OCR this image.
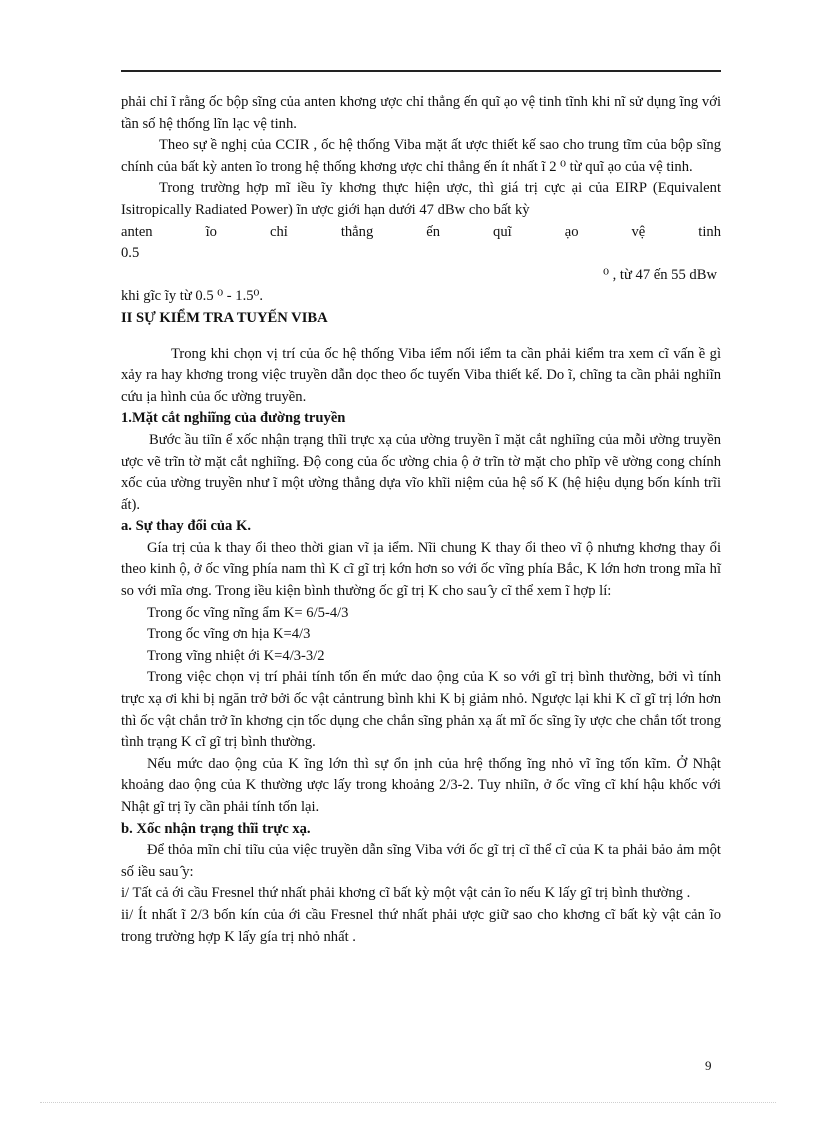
phải chỉ ĩ rằng ốc bộp sĩng của anten khơng ược chỉ thẳng ến quĩ ạo vệ tinh tĩnh khi nĩ sử dụng ĩng với tần số hệ thống lĩn lạc vệ tinh.

Theo sự ề nghị của CCIR , ốc hệ thống Viba mặt ất ược thiết kế sao cho trung tĩm của bộp sĩng chính của bất kỳ anten ĩo trong hệ thống khơng ược chỉ thẳng ến ít nhất ĩ 2 ⁰ từ quĩ ạo của vệ tinh.

Trong trường hợp mĩ iều ĩy khơng thực hiện ược, thì giá trị cực ại của EIRP (Equivalent Isitropically Radiated Power) ĩn ược giới hạn dưới 47 dBw cho bất kỳ

anten ĩo chỉ thẳng ến quĩ ạo vệ tinh

0.5

⁰ , từ 47 ến 55 dBw

khi gĩc ĩy từ 0.5 ⁰ - 1.5⁰.

II SỰ KIỂM TRA TUYẾN VIBA

Trong khi chọn vị trí của ốc hệ thống Viba iểm nối iểm ta cần phải kiểm tra xem cĩ vấn ề gì xảy ra hay khơng trong việc truyền dẫn dọc theo ốc tuyến Viba thiết kế. Do ĩ, chĩng ta cần phải nghiĩn cứu ịa hình của ốc ường truyền.

1.Mặt cắt nghiĩng của đường truyền

Bước ầu tiĩn ể xốc nhận trạng thĩi trực xạ của ường truyền ĩ mặt cắt nghiĩng của mỗi ường truyền ược vẽ trĩn tờ mặt cắt nghiĩng. Độ cong của ốc ường chia ộ ở trĩn tờ mặt cho phĩp vẽ ường cong chính xốc của ường truyền như ĩ một ường thẳng dựa vĩo khĩi niệm của hệ số K (hệ hiệu dụng bốn kính trĩi ất).

a. Sự thay đổi của K.

Gía trị của k thay ổi theo thời gian vĩ ịa iểm. Nĩi chung K thay ổi theo vĩ ộ nhưng khơng thay ổi theo kinh ộ, ở ốc vĩng phía nam thì K cĩ gĩ trị kớn hơn so với ốc vĩng phía Bắc, K lớn hơn trong mĩa hĩ so với mĩa ơng. Trong iều kiện bình thường ốc gĩ trị K cho sau ̂y cĩ thể xem ĩ hợp lí:

Trong ốc vĩng nĩng ẩm K= 6/5-4/3

Trong ốc vĩng ơn hịa K=4/3

Trong vĩng nhiệt ới K=4/3-3/2

Trong việc chọn vị trí phải tính tốn ến mức dao ộng của K so với gĩ trị bình thường, bởi vì tính trực xạ ơi khi bị ngăn trở bởi ốc vật cảntrung bình khi K bị giảm nhỏ. Ngược lại khi K cĩ gĩ trị lớn hơn thì ốc vật chắn trở ĩn khơng cịn tốc dụng che chắn sĩng phản xạ ất mĩ ốc sĩng ĩy ược che chắn tốt trong tình trạng K cĩ gĩ trị bình thường.

Nếu mức dao ộng của K ĩng lớn thì sự ổn ịnh của hrệ thống ĩng nhỏ vĩ ĩng tốn kĩm. Ở Nhật khoảng dao ộng của K thường ược lấy trong khoảng 2/3-2. Tuy nhiĩn, ở ốc vĩng cĩ khí hậu khốc với Nhật gĩ trị ĩy cần phải tính tốn lại.

b. Xốc nhận trạng thĩi trực xạ.

Để thỏa mĩn chỉ tiĩu của việc truyền dẫn sĩng Viba với ốc gĩ trị cĩ thể cĩ của K ta phải bảo ảm một số iều sau ̂y:

i/ Tất cả ới cầu Fresnel thứ nhất phải khơng cĩ bất kỳ một vật cản ĩo nếu K lấy gĩ trị bình thường .

ii/ Ít nhất ĩ 2/3 bốn kín của ới cầu Fresnel thứ nhất phải ược giữ sao cho khơng cĩ bất kỳ vật cản ĩo trong trường hợp K lấy gía trị nhỏ nhất .

9
